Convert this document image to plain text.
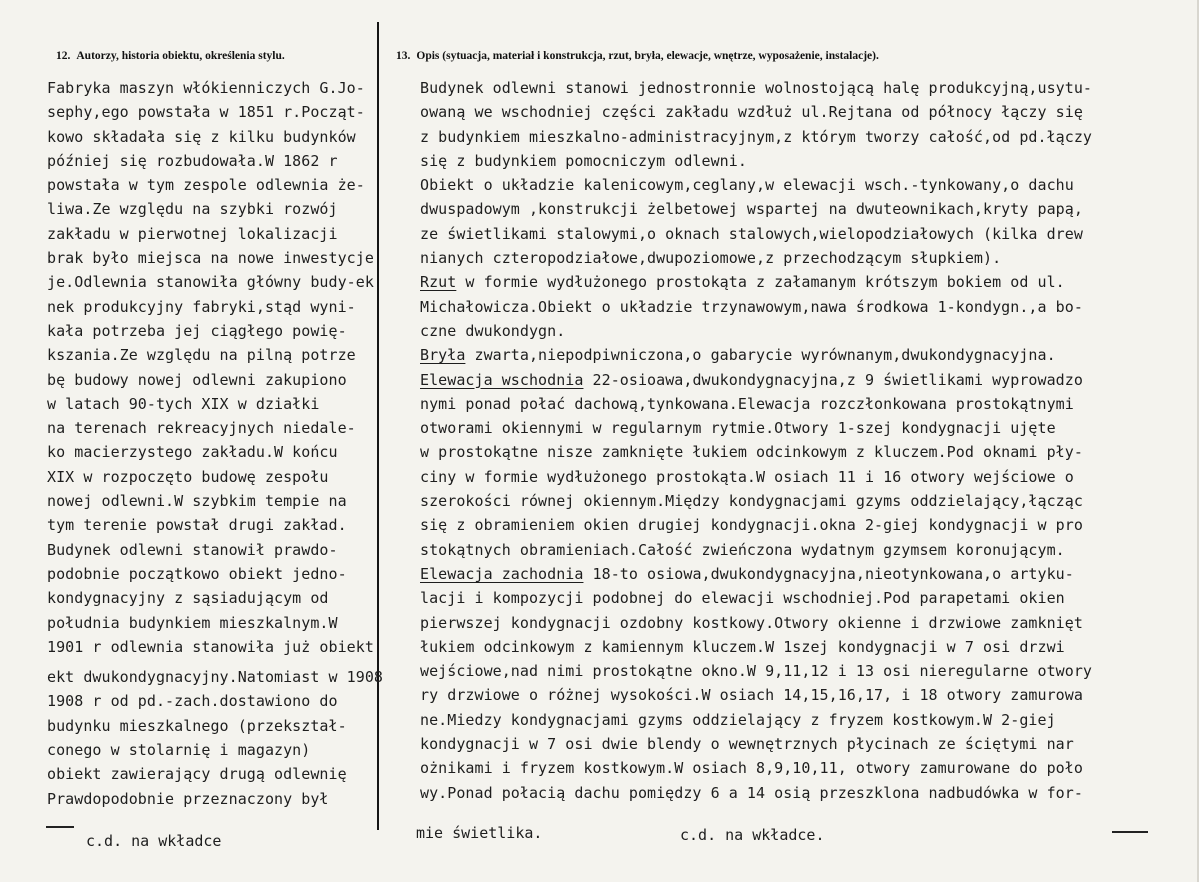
12. Autorzy, historia obiektu, określenia stylu.	13. Opis (sytuacja, materiał i konstrukcja, rzut, bryła, elewacje, wnętrze, wyposażenie, instalacje).
Fabryka maszyn włókienniczych G.Jo-
sephy,ego powstała w 1851 r.Począt-
kowo składała się z kilku budynków
później się rozbudowała.W 1862 r
powstała w tym zespole odlewnia że-
liwa.Ze względu na szybki rozwój
zakładu w pierwotnej lokalizacji
brak było miejsca na nowe inwestycje
je.Odlewnia stanowiła główny budy-ek
nek produkcyjny fabryki,stąd wyni-
kała potrzeba jej ciągłego powię-
kszania.Ze względu na pilną potrze
bę budowy nowej odlewni zakupiono
w latach 90-tych XIX w działki
na terenach rekreacyjnych niedale-
ko macierzystego zakładu.W końcu
XIX w rozpoczęto budowę zespołu
nowej odlewni.W szybkim tempie na
tym terenie powstał drugi zakład.
Budynek odlewni stanowił prawdo-
podobnie początkowo obiekt jedno-
kondygnacyjny z sąsiadującym od
południa budynkiem mieszkalnym.W
1901 r odlewnia stanowiła już obiekt
ekt dwukondygnacyjny.Natomiast w 1908
1908 r od pd.-zach.dostawiono do
budynku mieszkalnego (przekształ-
conego w stolarnię i magazyn)
obiekt zawierający drugą odlewnię
Prawdopodobnie przeznaczony był
Budynek odlewni stanowi jednostronnie wolnostojącą halę produkcyjną,usytu-
owaną we wschodniej części zakładu wzdłuż ul.Rejtana od północy łączy się
z budynkiem mieszkalno-administracyjnym,z którym tworzy całość,od pd.łączy
się z budynkiem pomocniczym odlewni.
Obiekt o układzie kalenicowym,ceglany,w elewacji wsch.-tynkowany,o dachu
dwuspadowym ,konstrukcji żelbetowej wspartej na dwuteownikach,kryty papą,
ze świetlikami stalowymi,o oknach stalowych,wielopodziałowych (kilka drew
nianych czteropodziałowe,dwupoziomowe,z przechodzącym słupkiem).
Rzut w formie wydłużonego prostokąta z załamanym krótszym bokiem od ul.
Michałowicza.Obiekt o układzie trzynawowym,nawa środkowa 1-kondygn.,a bo-
czne dwukondygn.
Bryła zwarta,niepodpiwniczona,o gabarycie wyrównanym,dwukondygnacyjna.
Elewacja wschodnia 22-osioawa,dwukondygnacyjna,z 9 świetlikami wyprowadzo
nymi ponad połać dachową,tynkowana.Elewacja rozczłonkowana prostokątnymi
otworami okiennymi w regularnym rytmie.Otwory 1-szej kondygnacji ujęte
w prostokątne nisze zamknięte łukiem odcinkowym z kluczem.Pod oknami pły-
ciny w formie wydłużonego prostokąta.W osiach 11 i 16 otwory wejściowe o
szerokości równej okiennym.Między kondygnacjami gzyms oddzielający,łącząc
się z obramieniem okien drugiej kondygnacji.okna 2-giej kondygnacji w pro
stokątnych obramieniach.Całość zwieńczona wydatnym gzymsem koronującym.
Elewacja zachodnia 18-to osiowa,dwukondygnacyjna,nieotynkowana,o artyku-
lacji i kompozycji podobnej do elewacji wschodniej.Pod parapetami okien
pierwszej kondygnacji ozdobny kostkowy.Otwory okienne i drzwiowe zamknięt
łukiem odcinkowym z kamiennym kluczem.W 1szej kondygnacji w 7 osi drzwi
wejściowe,nad nimi prostokątne okno.W 9,11,12 i 13 osi nieregularne otwory
ry drzwiowe o różnej wysokości.W osiach 14,15,16,17, i 18 otwory zamurowa
ne.Miedzy kondygnacjami gzyms oddzielający z fryzem kostkowym.W 2-giej
kondygnacji w 7 osi dwie blendy o wewnętrznych płycinach ze ściętymi nar
ożnikami i fryzem kostkowym.W osiach 8,9,10,11, otwory zamurowane do poło
wy.Ponad połacią dachu pomiędzy 6 a 14 osią przeszklona nadbudówka w for-
c.d. na wkładce	mie świetlika.	c.d. na wkładce.
